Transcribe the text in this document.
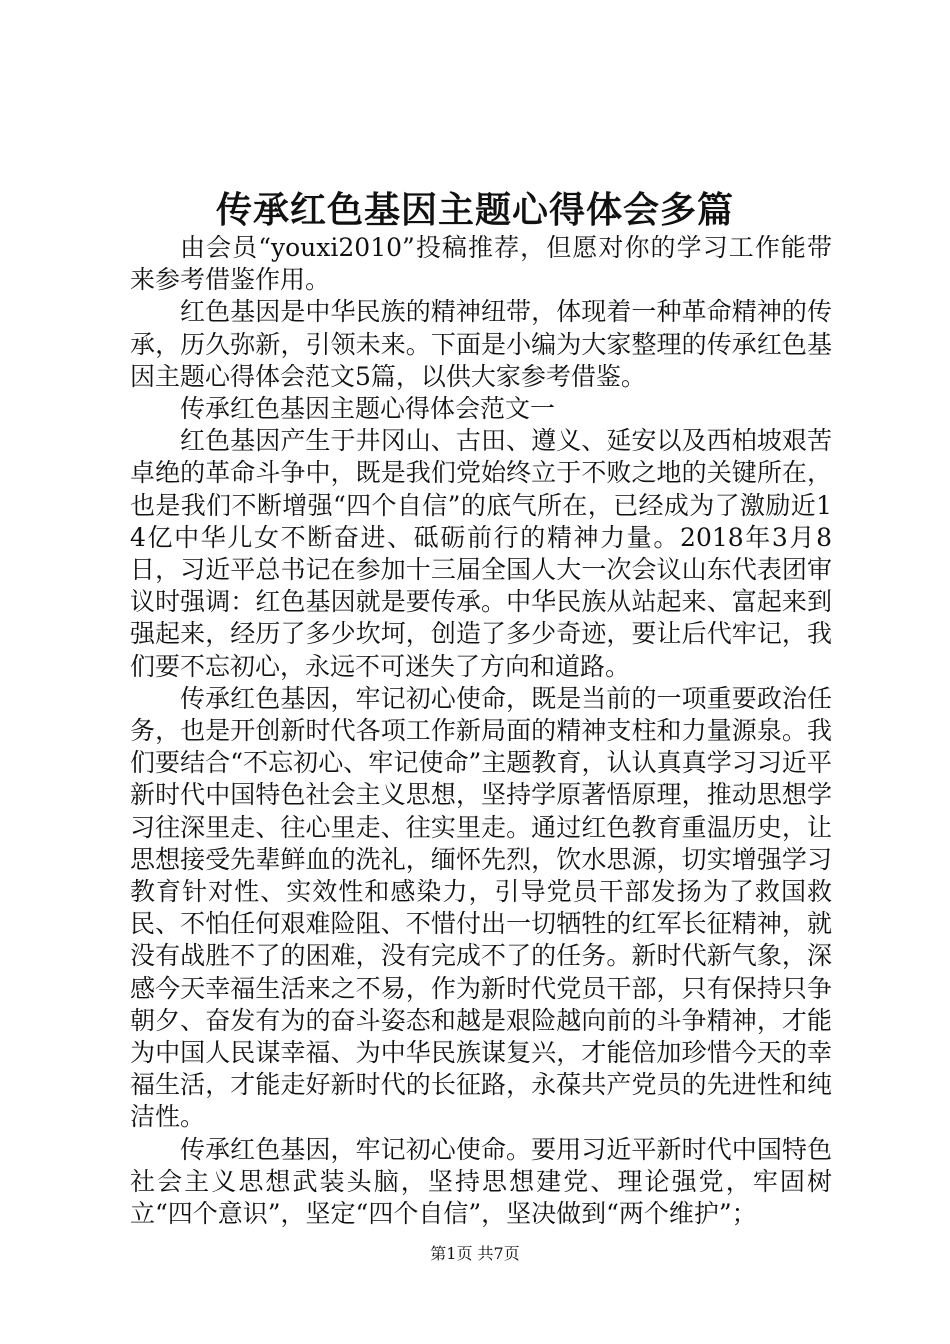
传承红色基因主题心得体会多篇

由会员“youxi2010”投稿推荐，但愿对你的学习工作能带来参考借鉴作用。

红色基因是中华民族的精神纽带，体现着一种革命精神的传承，历久弥新，引领未来。下面是小编为大家整理的传承红色基因主题心得体会范文5篇，以供大家参考借鉴。

传承红色基因主题心得体会范文一

红色基因产生于井冈山、古田、遵义、延安以及西柏坡艰苦卓绝的革命斗争中，既是我们党始终立于不败之地的关键所在，也是我们不断增强“四个自信”的底气所在，已经成为了激励近14亿中华儿女不断奋进、砥砺前行的精神力量。2018年3月8日，习近平总书记在参加十三届全国人大一次会议山东代表团审议时强调：红色基因就是要传承。中华民族从站起来、富起来到强起来，经历了多少坎坷，创造了多少奇迹，要让后代牢记，我们要不忘初心，永远不可迷失了方向和道路。

传承红色基因，牢记初心使命，既是当前的一项重要政治任务，也是开创新时代各项工作新局面的精神支柱和力量源泉。我们要结合“不忘初心、牢记使命”主题教育，认认真真学习习近平新时代中国特色社会主义思想，坚持学原著悟原理，推动思想学习往深里走、往心里走、往实里走。通过红色教育重温历史，让思想接受先辈鲜血的洗礼，缅怀先烈，饮水思源，切实增强学习教育针对性、实效性和感染力，引导党员干部发扬为了救国救民、不怕任何艰难险阻、不惜付出一切牺牲的红军长征精神，就没有战胜不了的困难，没有完成不了的任务。新时代新气象，深感今天幸福生活来之不易，作为新时代党员干部，只有保持只争朝夕、奋发有为的奋斗姿态和越是艰险越向前的斗争精神，才能为中国人民谋幸福、为中华民族谋复兴，才能倍加珍惜今天的幸福生活，才能走好新时代的长征路，永葆共产党员的先进性和纯洁性。

传承红色基因，牢记初心使命。要用习近平新时代中国特色社会主义思想武装头脑，坚持思想建党、理论强党，牢固树立“四个意识”，坚定“四个自信”，坚决做到“两个维护”；

第1页 共7页
